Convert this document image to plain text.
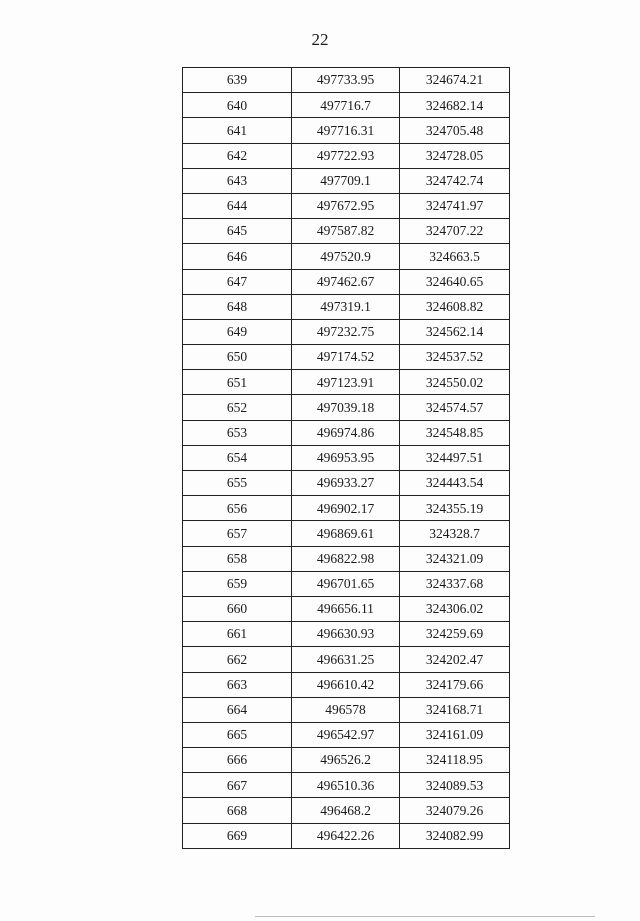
22
639	497733.95	324674.21
640	497716.7	324682.14
641	497716.31	324705.48
642	497722.93	324728.05
643	497709.1	324742.74
644	497672.95	324741.97
645	497587.82	324707.22
646	497520.9	324663.5
647	497462.67	324640.65
648	497319.1	324608.82
649	497232.75	324562.14
650	497174.52	324537.52
651	497123.91	324550.02
652	497039.18	324574.57
653	496974.86	324548.85
654	496953.95	324497.51
655	496933.27	324443.54
656	496902.17	324355.19
657	496869.61	324328.7
658	496822.98	324321.09
659	496701.65	324337.68
660	496656.11	324306.02
661	496630.93	324259.69
662	496631.25	324202.47
663	496610.42	324179.66
664	496578	324168.71
665	496542.97	324161.09
666	496526.2	324118.95
667	496510.36	324089.53
668	496468.2	324079.26
669	496422.26	324082.99
